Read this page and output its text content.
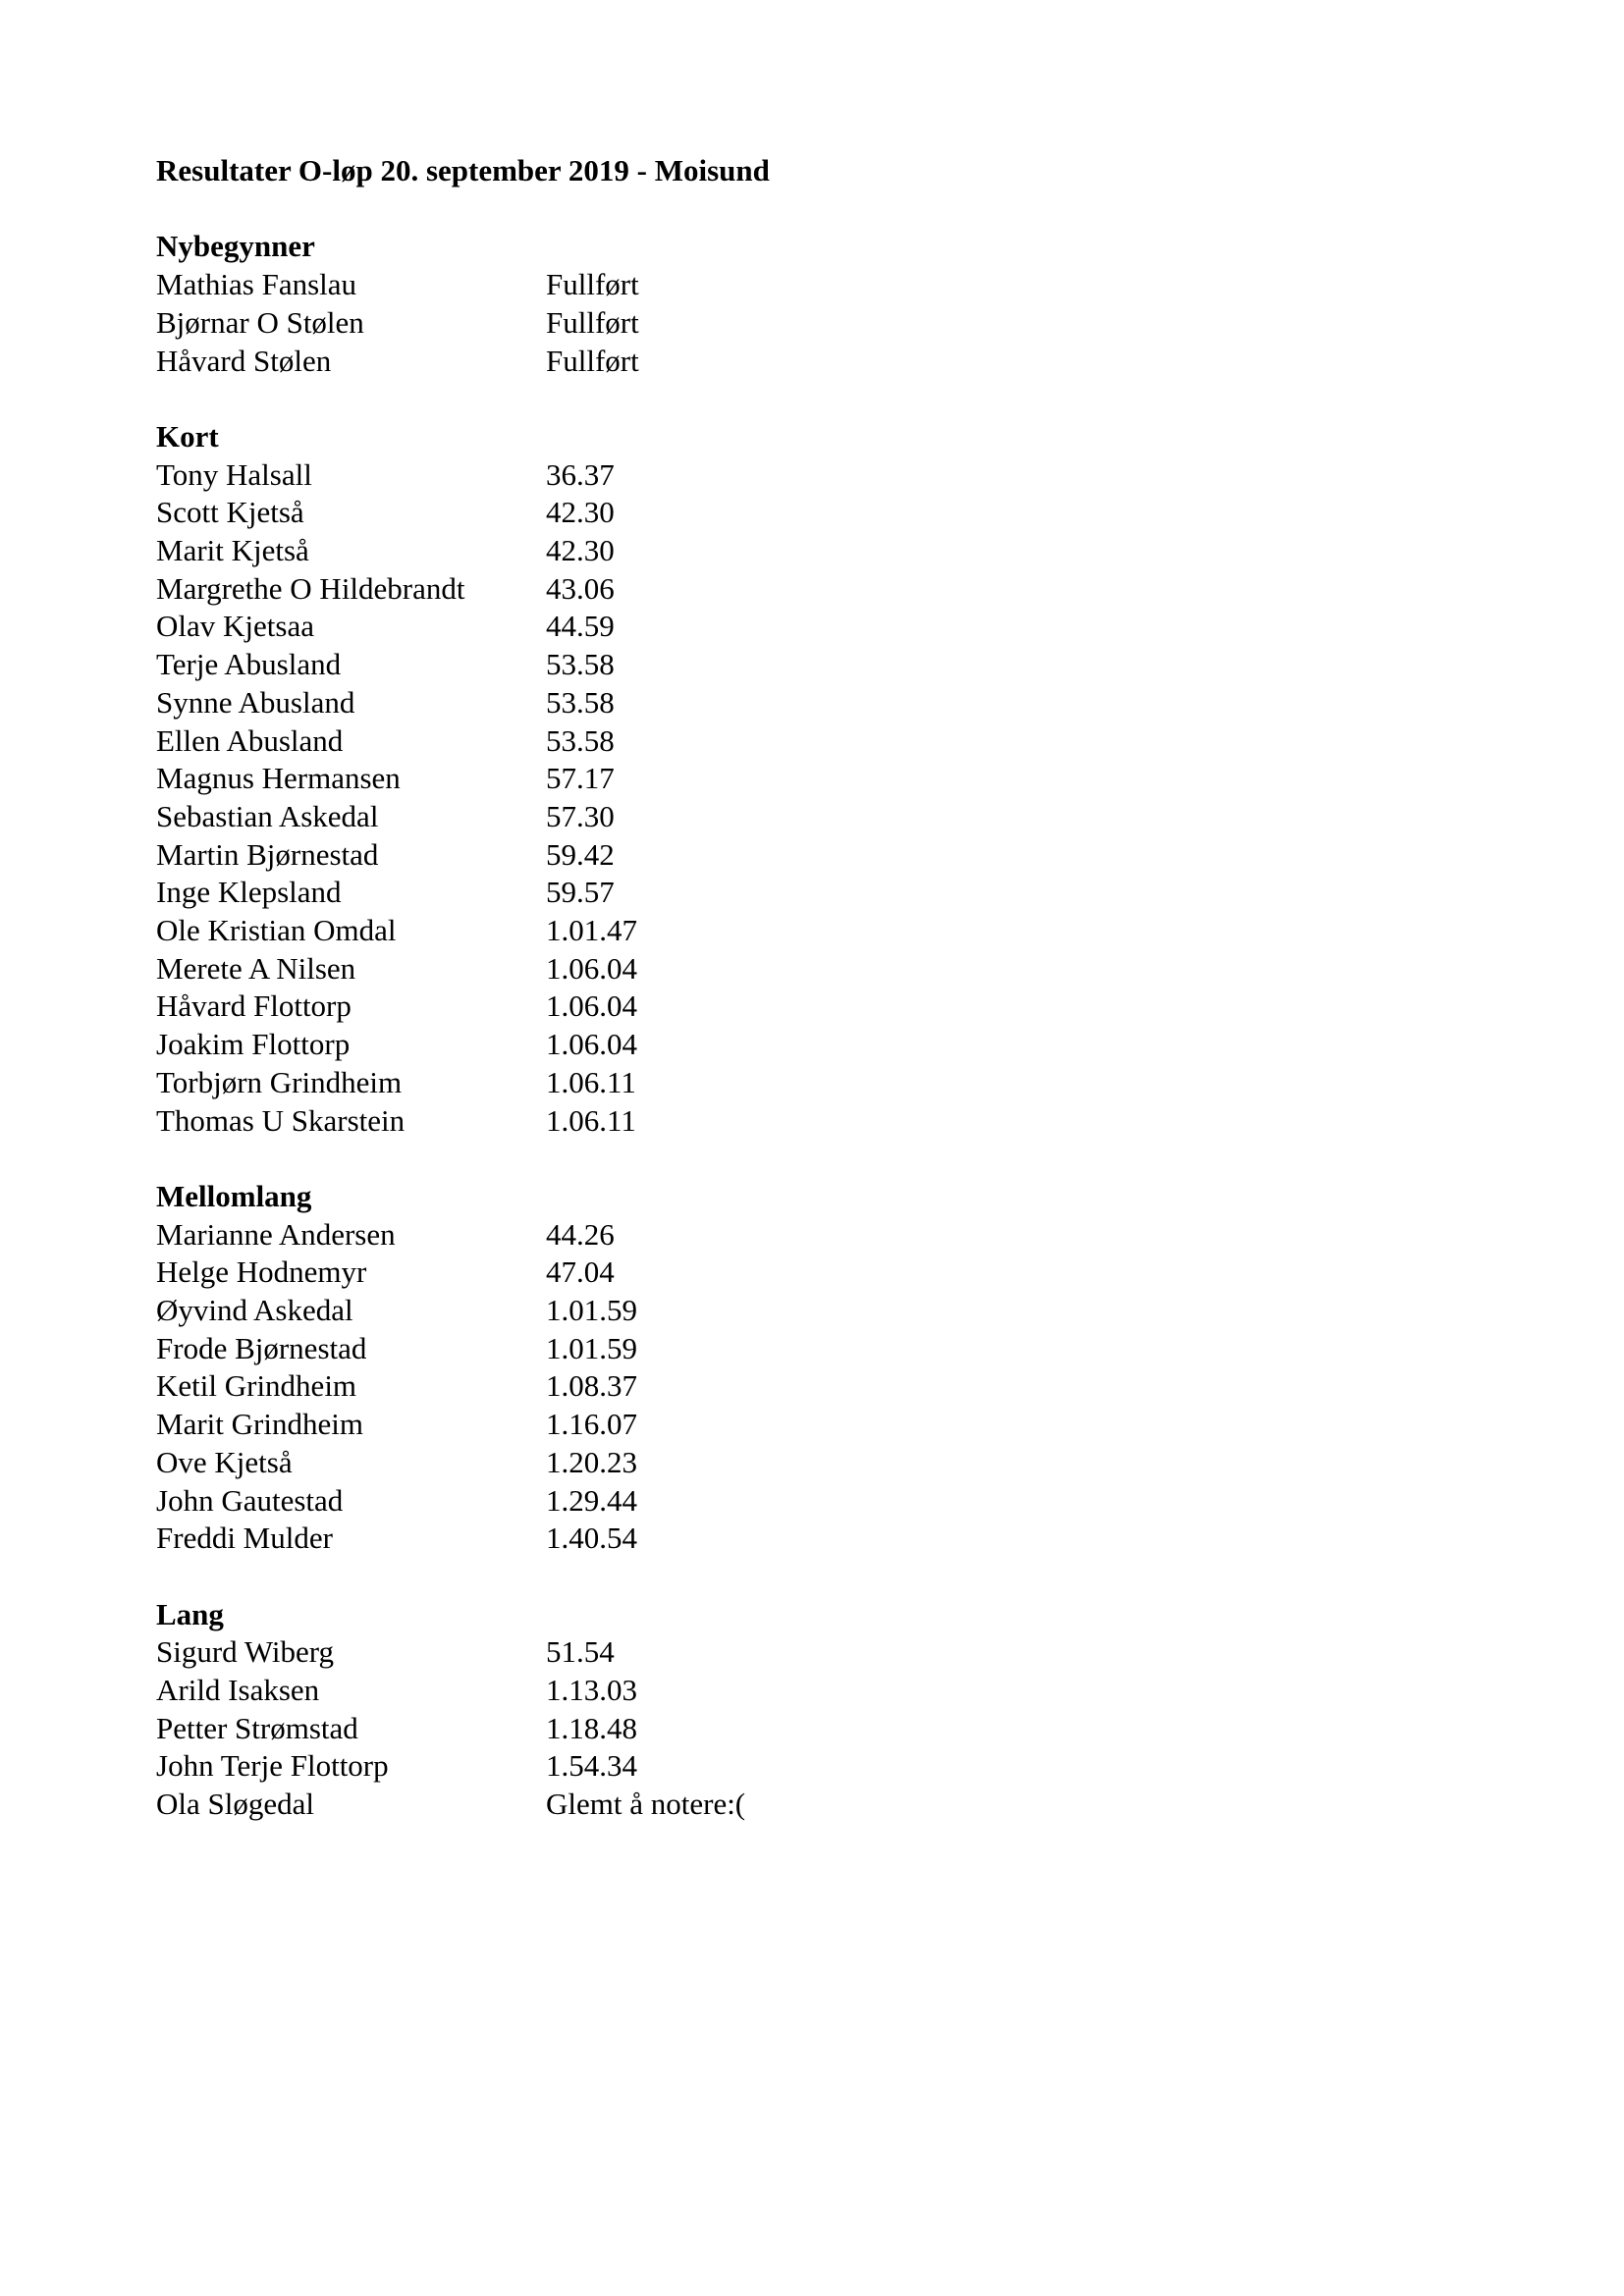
Resultater O-løp 20. september 2019 - Moisund
Nybegynner
Mathias Fanslau	Fullført
Bjørnar O Stølen	Fullført
Håvard Stølen	Fullført
Kort
Tony Halsall	36.37
Scott Kjetså	42.30
Marit Kjetså	42.30
Margrethe O Hildebrandt	43.06
Olav Kjetsaa	44.59
Terje Abusland	53.58
Synne Abusland	53.58
Ellen Abusland	53.58
Magnus Hermansen	57.17
Sebastian Askedal	57.30
Martin Bjørnestad	59.42
Inge Klepsland	59.57
Ole Kristian Omdal	1.01.47
Merete A Nilsen	1.06.04
Håvard Flottorp	1.06.04
Joakim Flottorp	1.06.04
Torbjørn Grindheim	1.06.11
Thomas U Skarstein	1.06.11
Mellomlang
Marianne Andersen	44.26
Helge Hodnemyr	47.04
Øyvind Askedal	1.01.59
Frode Bjørnestad	1.01.59
Ketil Grindheim	1.08.37
Marit Grindheim	1.16.07
Ove Kjetså	1.20.23
John Gautestad	1.29.44
Freddi Mulder	1.40.54
Lang
Sigurd Wiberg	51.54
Arild Isaksen	1.13.03
Petter Strømstad	1.18.48
John Terje Flottorp	1.54.34
Ola Sløgedal	Glemt å notere:(
